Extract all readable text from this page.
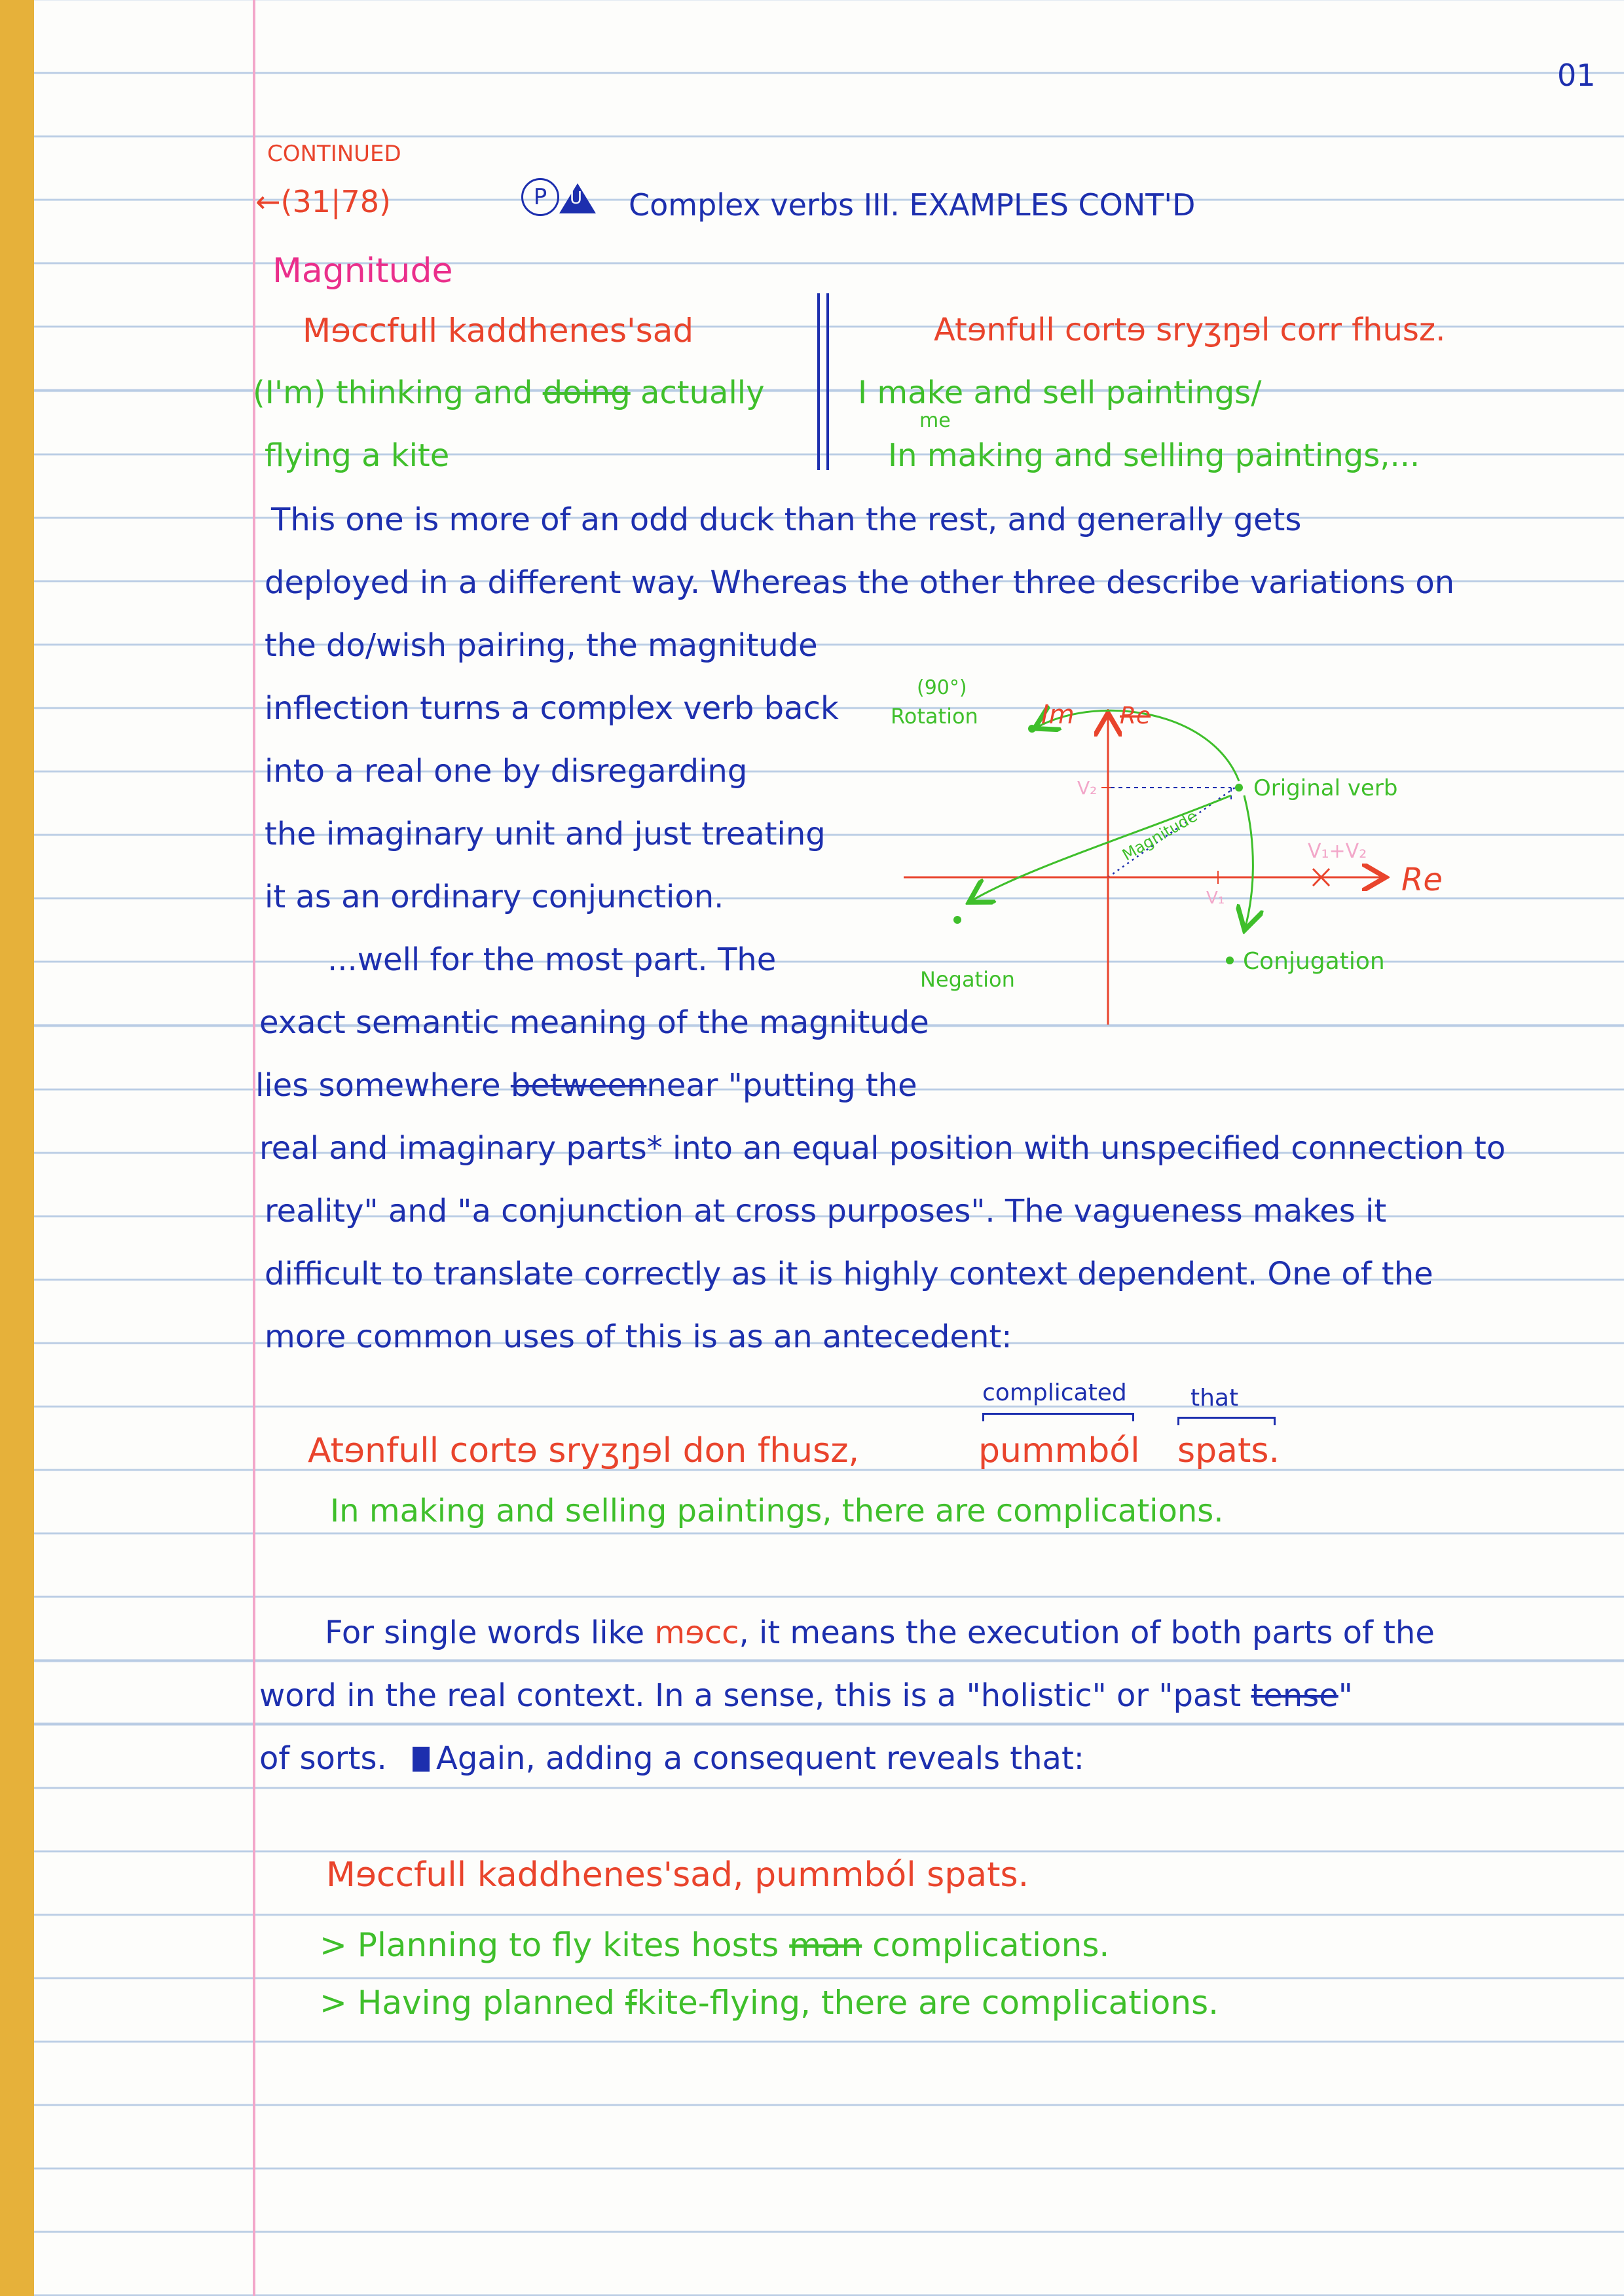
01
CONTINUED
←(31|78)	P	U Complex verbs III. EXAMPLES CONT'D
Magnitude
Mɘccfull kaddhenes'sad
(I'm) thinking and doing actually
flying a kite
Atɘnfull cortɘ sryʒŋɘl corr fhusz.
I make and sell paintings/
me
In making and selling paintings,...
This one is more of an odd duck than the rest, and generally gets
deployed in a different way. Whereas the other three describe variations on
the do/wish pairing, the magnitude
inflection turns a complex verb back
into a real one by disregarding
the imaginary unit and just treating
it as an ordinary conjunction.
...well for the most part. The
exact semantic meaning of the magnitude
lies somewhere betweennear "putting the
real and imaginary parts* into an equal position with unspecified connection to
reality" and "a conjunction at cross purposes". The vagueness makes it
difficult to translate correctly as it is highly context dependent. One of the
more common uses of this is as an antecedent:
(90°)
Rotation Im Re
V₂
V₁
V₁+V₂
Re
Magnitude
Original verb
Conjugation
Negation
complicated	that
Atɘnfull cortɘ sryʒŋɘl don fhusz,	pummból spats.
In making and selling paintings, there are complications.
For single words like mɘcc, it means the execution of both parts of the
word in the real context. In a sense, this is a "holistic" or "past tense"
of sorts. Again, adding a consequent reveals that:
Mɘccfull kaddhenes'sad, pummból spats.
> Planning to fly kites hosts man complications.
> Having planned fkite-flying, there are complications.
